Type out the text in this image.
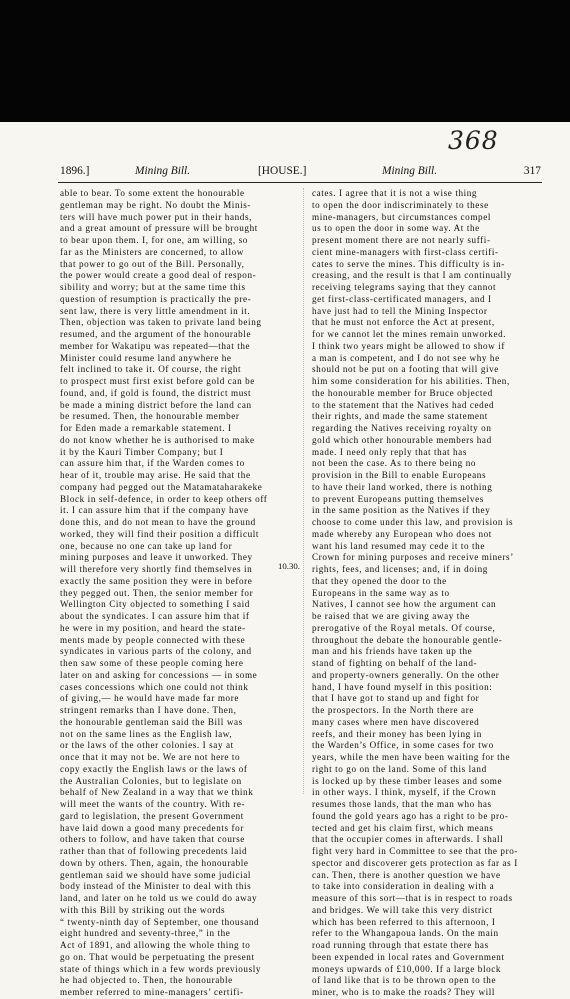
368
1896.]	Mining Bill.	[HOUSE.]	Mining Bill.	317
able to bear. To some extent the honourable
gentleman may be right. No doubt the Minis-
ters will have much power put in their hands,
and a great amount of pressure will be brought
to bear upon them. I, for one, am willing, so
far as the Ministers are concerned, to allow
that power to go out of the Bill. Personally,
the power would create a good deal of respon-
sibility and worry; but at the same time this
question of resumption is practically the pre-
sent law, there is very little amendment in it.
Then, objection was taken to private land being
resumed, and the argument of the honourable
member for Wakatipu was repeated—that the
Minister could resume land anywhere he
felt inclined to take it. Of course, the right
to prospect must first exist before gold can be
found, and, if gold is found, the district must
be made a mining district before the land can
be resumed. Then, the honourable member
for Eden made a remarkable statement. I
do not know whether he is authorised to make
it by the Kauri Timber Company; but I
can assure him that, if the Warden comes to
hear of it, trouble may arise. He said that the
company had pegged out the Matamataharakeke
Block in self-defence, in order to keep others off
it. I can assure him that if the company have
done this, and do not mean to have the ground
worked, they will find their position a difficult
one, because no one can take up land for
mining purposes and leave it unworked. They
will therefore very shortly find themselves in
exactly the same position they were in before
they pegged out. Then, the senior member for
Wellington City objected to something I said
about the syndicates. I can assure him that if
he were in my position, and heard the state-
ments made by people connected with these
syndicates in various parts of the colony, and
then saw some of these people coming here
later on and asking for concessions — in some
cases concessions which one could not think
of giving,— he would have made far more
stringent remarks than I have done. Then,
the honourable gentleman said the Bill was
not on the same lines as the English law,
or the laws of the other colonies. I say at
once that it may not be. We are not here to
copy exactly the English laws or the laws of
the Australian Colonies, but to legislate on
behalf of New Zealand in a way that we think
will meet the wants of the country. With re-
gard to legislation, the present Government
have laid down a good many precedents for
others to follow, and have taken that course
rather than that of following precedents laid
down by others. Then, again, the honourable
gentleman said we should have some judicial
body instead of the Minister to deal with this
land, and later on he told us we could do away
with this Bill by striking out the words
“ twenty-ninth day of September, one thousand
eight hundred and seventy-three,” in the
Act of 1891, and allowing the whole thing to
go on. That would be perpetuating the present
state of things which in a few words previously
he had objected to. Then, the honourable
member referred to mine-managers’ certifi-
cates. I agree that it is not a wise thing
to open the door indiscriminately to these
mine-managers, but circumstances compel
us to open the door in some way. At the
present moment there are not nearly suffi-
cient mine-managers with first-class certifi-
cates to serve the mines. This difficulty is in-
creasing, and the result is that I am continually
receiving telegrams saying that they cannot
get first-class-certificated managers, and I
have just had to tell the Mining Inspector
that he must not enforce the Act at present,
for we cannot let the mines remain unworked.
I think two years might be allowed to show if
a man is competent, and I do not see why he
should not be put on a footing that will give
him some consideration for his abilities. Then,
the honourable member for Bruce objected
to the statement that the Natives had ceded
their rights, and made the same statement
regarding the Natives receiving royalty on
gold which other honourable members had
made. I need only reply that that has
not been the case. As to there being no
provision in the Bill to enable Europeans
to have their land worked, there is nothing
to prevent Europeans putting themselves
in the same position as the Natives if they
choose to come under this law, and provision is
made whereby any European who does not
want his land resumed may cede it to the
Crown for mining purposes and receive miners’
rights, fees, and licenses; and, if in doing
that they opened the door to the
Europeans in the same way as to
Natives, I cannot see how the argument can
be raised that we are giving away the
prerogative of the Royal metals. Of course,
throughout the debate the honourable gentle-
man and his friends have taken up the
stand of fighting on behalf of the land-
and property-owners generally. On the other
hand, I have found myself in this position:
that I have got to stand up and fight for
the prospectors. In the North there are
many cases where men have discovered
reefs, and their money has been lying in
the Warden’s Office, in some cases for two
years, while the men have been waiting for the
right to go on the land. Some of this land
is locked up by these timber leases and some
in other ways. I think, myself, if the Crown
resumes those lands, that the man who has
found the gold years ago has a right to be pro-
tected and get his claim first, which means
that the occupier comes in afterwards. I shall
fight very hard in Committee to see that the pro-
spector and discoverer gets protection as far as I
can. Then, there is another question we have
to take into consideration in dealing with a
measure of this sort—that is in respect to roads
and bridges. We will take this very district
which has been referred to this afternoon, I
refer to the Whangapoua lands. On the main
road running through that estate there has
been expended in local rates and Government
moneys upwards of £10,000. If a large block
of land like that is to be thrown open to the
miner, who is to make the roads? They will
10.30.
